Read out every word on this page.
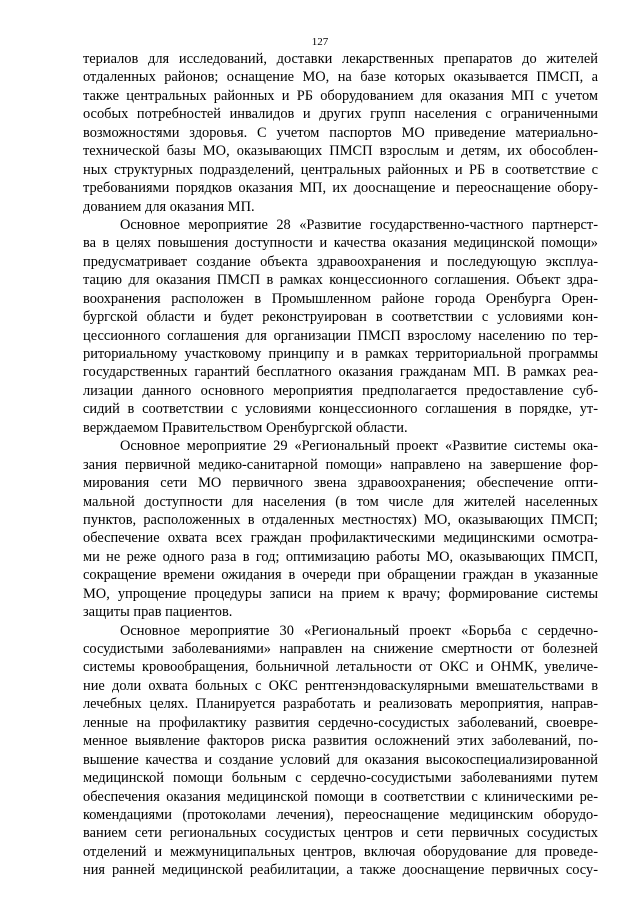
127
териалов для исследований, доставки лекарственных препаратов до жителей
отдаленных районов; оснащение МО, на базе которых оказывается ПМСП, а
также центральных районных и РБ оборудованием для оказания МП с учетом
особых потребностей инвалидов и других групп населения с ограниченными
возможностями здоровья. С учетом паспортов МО приведение материально-
технической базы МО, оказывающих ПМСП взрослым и детям, их обособлен-
ных структурных подразделений, центральных районных и РБ в соответствие с
требованиями порядков оказания МП, их дооснащение и переоснащение обору-
дованием для оказания МП.
Основное мероприятие 28 «Развитие государственно-частного партнерст-
ва в целях повышения доступности и качества оказания медицинской помощи»
предусматривает создание объекта здравоохранения и последующую эксплуа-
тацию для оказания ПМСП в рамках концессионного соглашения. Объект здра-
воохранения расположен в Промышленном районе города Оренбурга Орен-
бургской области и будет реконструирован в соответствии с условиями кон-
цессионного соглашения для организации ПМСП взрослому населению по тер-
риториальному участковому принципу и в рамках территориальной программы
государственных гарантий бесплатного оказания гражданам МП. В рамках реа-
лизации данного основного мероприятия предполагается предоставление суб-
сидий в соответствии с условиями концессионного соглашения в порядке, ут-
верждаемом Правительством Оренбургской области.
Основное мероприятие 29 «Региональный проект «Развитие системы ока-
зания первичной медико-санитарной помощи» направлено на завершение фор-
мирования сети МО первичного звена здравоохранения; обеспечение опти-
мальной доступности для населения (в том числе для жителей населенных
пунктов, расположенных в отдаленных местностях) МО, оказывающих ПМСП;
обеспечение охвата всех граждан профилактическими медицинскими осмотра-
ми не реже одного раза в год; оптимизацию работы МО, оказывающих ПМСП,
сокращение времени ожидания в очереди при обращении граждан в указанные
МО, упрощение процедуры записи на прием к врачу; формирование системы
защиты прав пациентов.
Основное мероприятие 30 «Региональный проект «Борьба с сердечно-
сосудистыми заболеваниями» направлен на снижение смертности от болезней
системы кровообращения, больничной летальности от ОКС и ОНМК, увеличе-
ние доли охвата больных с ОКС рентгенэндоваскулярными вмешательствами в
лечебных целях. Планируется разработать и реализовать мероприятия, направ-
ленные на профилактику развития сердечно-сосудистых заболеваний, своевре-
менное выявление факторов риска развития осложнений этих заболеваний, по-
вышение качества и создание условий для оказания высокоспециализированной
медицинской помощи больным с сердечно-сосудистыми заболеваниями путем
обеспечения оказания медицинской помощи в соответствии с клиническими ре-
комендациями (протоколами лечения), переоснащение медицинским оборудо-
ванием сети региональных сосудистых центров и сети первичных сосудистых
отделений и межмуниципальных центров, включая оборудование для проведе-
ния ранней медицинской реабилитации, а также дооснащение первичных сосу-
